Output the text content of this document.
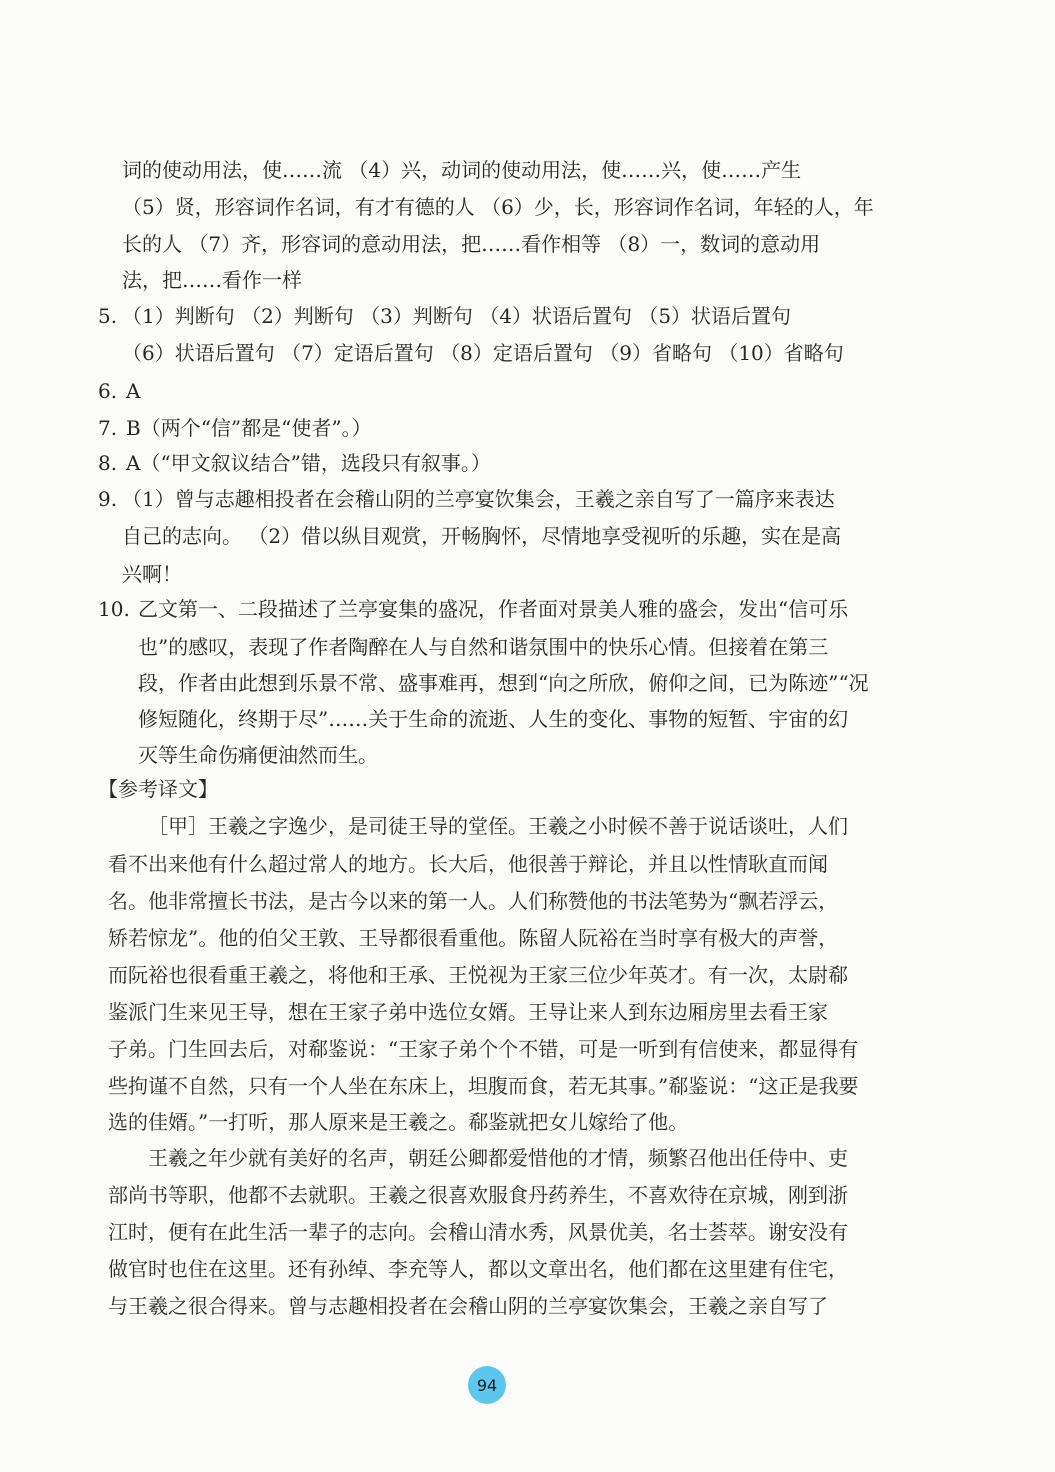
词的使动用法，使……流 （4）兴，动词的使动用法，使……兴，使……产生
（5）贤，形容词作名词，有才有德的人 （6）少，长，形容词作名词，年轻的人，年
长的人 （7）齐，形容词的意动用法，把……看作相等 （8）一，数词的意动用
法，把……看作一样
5. （1）判断句 （2）判断句 （3）判断句 （4）状语后置句 （5）状语后置句
（6）状语后置句 （7）定语后置句 （8）定语后置句 （9）省略句 （10）省略句
6. A
7. B（两个“信”都是“使者”。）
8. A（“甲文叙议结合”错，选段只有叙事。）
9. （1）曾与志趣相投者在会稽山阴的兰亭宴饮集会，王羲之亲自写了一篇序来表达
自己的志向。 （2）借以纵目观赏，开畅胸怀，尽情地享受视听的乐趣，实在是高
兴啊！
10. 乙文第一、二段描述了兰亭宴集的盛况，作者面对景美人雅的盛会，发出“信可乐
也”的感叹，表现了作者陶醉在人与自然和谐氛围中的快乐心情。但接着在第三
段，作者由此想到乐景不常、盛事难再，想到“向之所欣，俯仰之间，已为陈迹”“况
修短随化，终期于尽”……关于生命的流逝、人生的变化、事物的短暂、宇宙的幻
灭等生命伤痛便油然而生。
【参考译文】
［甲］王羲之字逸少，是司徒王导的堂侄。王羲之小时候不善于说话谈吐，人们
看不出来他有什么超过常人的地方。长大后，他很善于辩论，并且以性情耿直而闻
名。他非常擅长书法，是古今以来的第一人。人们称赞他的书法笔势为“飘若浮云，
矫若惊龙”。他的伯父王敦、王导都很看重他。陈留人阮裕在当时享有极大的声誉，
而阮裕也很看重王羲之，将他和王承、王悦视为王家三位少年英才。有一次，太尉郗
鉴派门生来见王导，想在王家子弟中选位女婿。王导让来人到东边厢房里去看王家
子弟。门生回去后，对郗鉴说：“王家子弟个个不错，可是一听到有信使来，都显得有
些拘谨不自然，只有一个人坐在东床上，坦腹而食，若无其事。”郗鉴说：“这正是我要
选的佳婿。”一打听，那人原来是王羲之。郗鉴就把女儿嫁给了他。
王羲之年少就有美好的名声，朝廷公卿都爱惜他的才情，频繁召他出任侍中、吏
部尚书等职，他都不去就职。王羲之很喜欢服食丹药养生，不喜欢待在京城，刚到浙
江时，便有在此生活一辈子的志向。会稽山清水秀，风景优美，名士荟萃。谢安没有
做官时也住在这里。还有孙绰、李充等人，都以文章出名，他们都在这里建有住宅，
与王羲之很合得来。曾与志趣相投者在会稽山阴的兰亭宴饮集会，王羲之亲自写了
94
